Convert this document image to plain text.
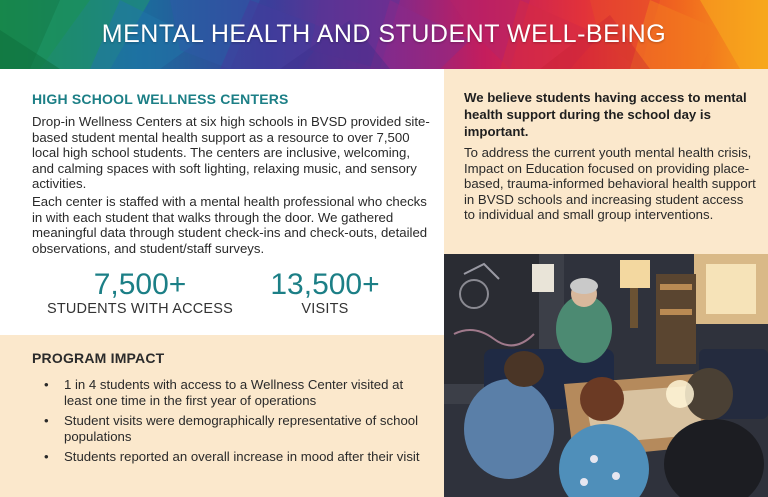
MENTAL HEALTH AND STUDENT WELL-BEING
HIGH SCHOOL WELLNESS CENTERS

Drop-in Wellness Centers at six high schools in BVSD provided site-based student mental health support as a resource to over 7,500 local high school students. The centers are inclusive, welcoming, and calming spaces with soft lighting, relaxing music, and sensory activities.

Each center is staffed with a mental health professional who checks in with each student that walks through the door. We gathered meaningful data through student check-ins and check-outs, detailed observations, and student/staff surveys.

7,500+
STUDENTS WITH ACCESS
13,500+
VISITS
PROGRAM IMPACT
• 1 in 4 students with access to a Wellness Center visited at least one time in the first year of operations
• Student visits were demographically representative of school populations
• Students reported an overall increase in mood after their visit

We believe students having access to mental health support during the school day is important.

To address the current youth mental health crisis, Impact on Education focused on providing place-based, trauma-informed behavioral health support in BVSD schools and increasing student access to individual and small group interventions.
